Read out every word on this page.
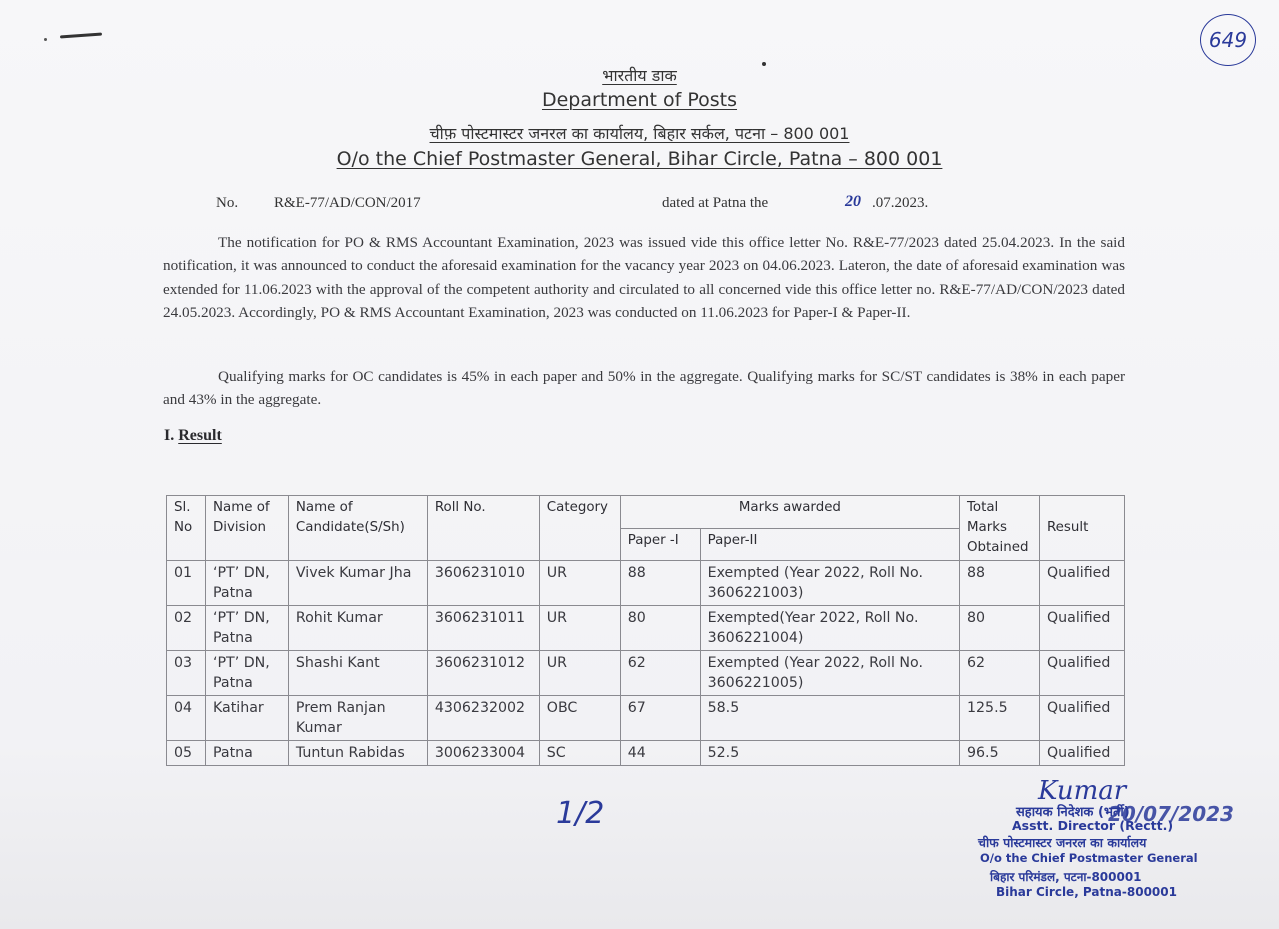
649
भारतीय डाक
Department of Posts
चीफ़ पोस्टमास्टर जनरल का कार्यालय, बिहार सर्कल, पटना – 800 001
O/o the Chief Postmaster General, Bihar Circle, Patna – 800 001
No. R&E-77/AD/CON/2017	dated at Patna the	20 .07.2023.
The notification for PO & RMS Accountant Examination, 2023 was issued vide this office letter No. R&E-77/2023 dated 25.04.2023. In the said notification, it was announced to conduct the aforesaid examination for the vacancy year 2023 on 04.06.2023. Lateron, the date of aforesaid examination was extended for 11.06.2023 with the approval of the competent authority and circulated to all concerned vide this office letter no. R&E-77/AD/CON/2023 dated 24.05.2023. Accordingly, PO & RMS Accountant Examination, 2023 was conducted on 11.06.2023 for Paper-I & Paper-II.
Qualifying marks for OC candidates is 45% in each paper and 50% in the aggregate. Qualifying marks for SC/ST candidates is 38% in each paper and 43% in the aggregate.
I. Result
Sl. No	Name of Division	Name of Candidate(S/Sh)	Roll No.	Category	Marks awarded		Total Marks Obtained	Result
					Paper -I	Paper-II		
01	‘PT’ DN, Patna	Vivek Kumar Jha	3606231010	UR	88	Exempted (Year 2022, Roll No. 3606221003)	88	Qualified
02	‘PT’ DN, Patna	Rohit Kumar	3606231011	UR	80	Exempted(Year 2022, Roll No. 3606221004)	80	Qualified
03	‘PT’ DN, Patna	Shashi Kant	3606231012	UR	62	Exempted (Year 2022, Roll No. 3606221005)	62	Qualified
04	Katihar	Prem Ranjan Kumar	4306232002	OBC	67	58.5	125.5	Qualified
05	Patna	Tuntun Rabidas	3006233004	SC	44	52.5	96.5	Qualified
1/2
Kumar
20/07/2023
सहायक निदेशक (भर्ती)
Asstt. Director (Rectt.)
चीफ पोस्टमास्टर जनरल का कार्यालय
O/o the Chief Postmaster General
बिहार परिमंडल, पटना-800001
Bihar Circle, Patna-800001
